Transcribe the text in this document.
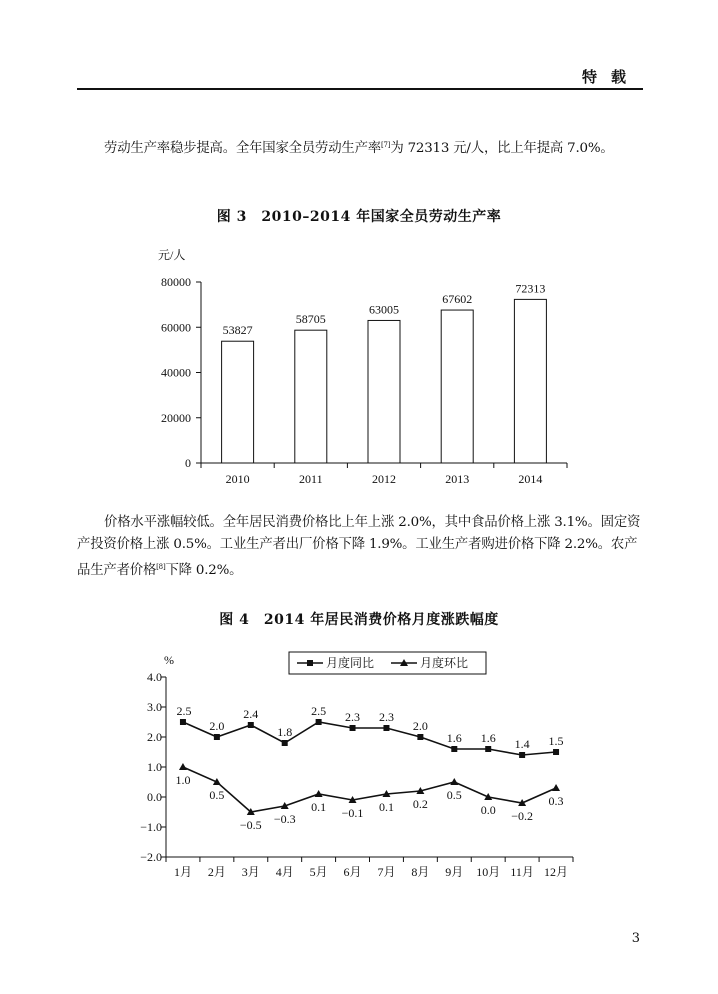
特载

劳动生产率稳步提高。全年国家全员劳动生产率[7]为 72313 元/人，比上年提高 7.0%。

图 3　2010–2014 年国家全员劳动生产率
元/人
0
20000
40000
60000
80000
53827
2010
58705
2011
63005
2012
67602
2013
72313
2014

价格水平涨幅较低。全年居民消费价格比上年上涨 2.0%，其中食品价格上涨 3.1%。固定资产投资价格上涨 0.5%。工业生产者出厂价格下降 1.9%。工业生产者购进价格下降 2.2%。农产品生产者价格[8]下降 0.2%。

图 4　2014 年居民消费价格月度涨跌幅度
%
4.0
3.0
2.0
1.0
0.0
−1.0
−2.0
1月 2月 3月 4月 5月 6月 7月 8月 9月 10月 11月 12月
2.5
2.0
2.4
1.8
2.5 2.3 2.3
2.0
1.6 1.6 1.4 1.5
月度同比
1.0
0.5
−0.5 −0.3
0.1 −0.1 0.1 0.2
0.5
0.0 −0.2
0.3
月度环比
3
